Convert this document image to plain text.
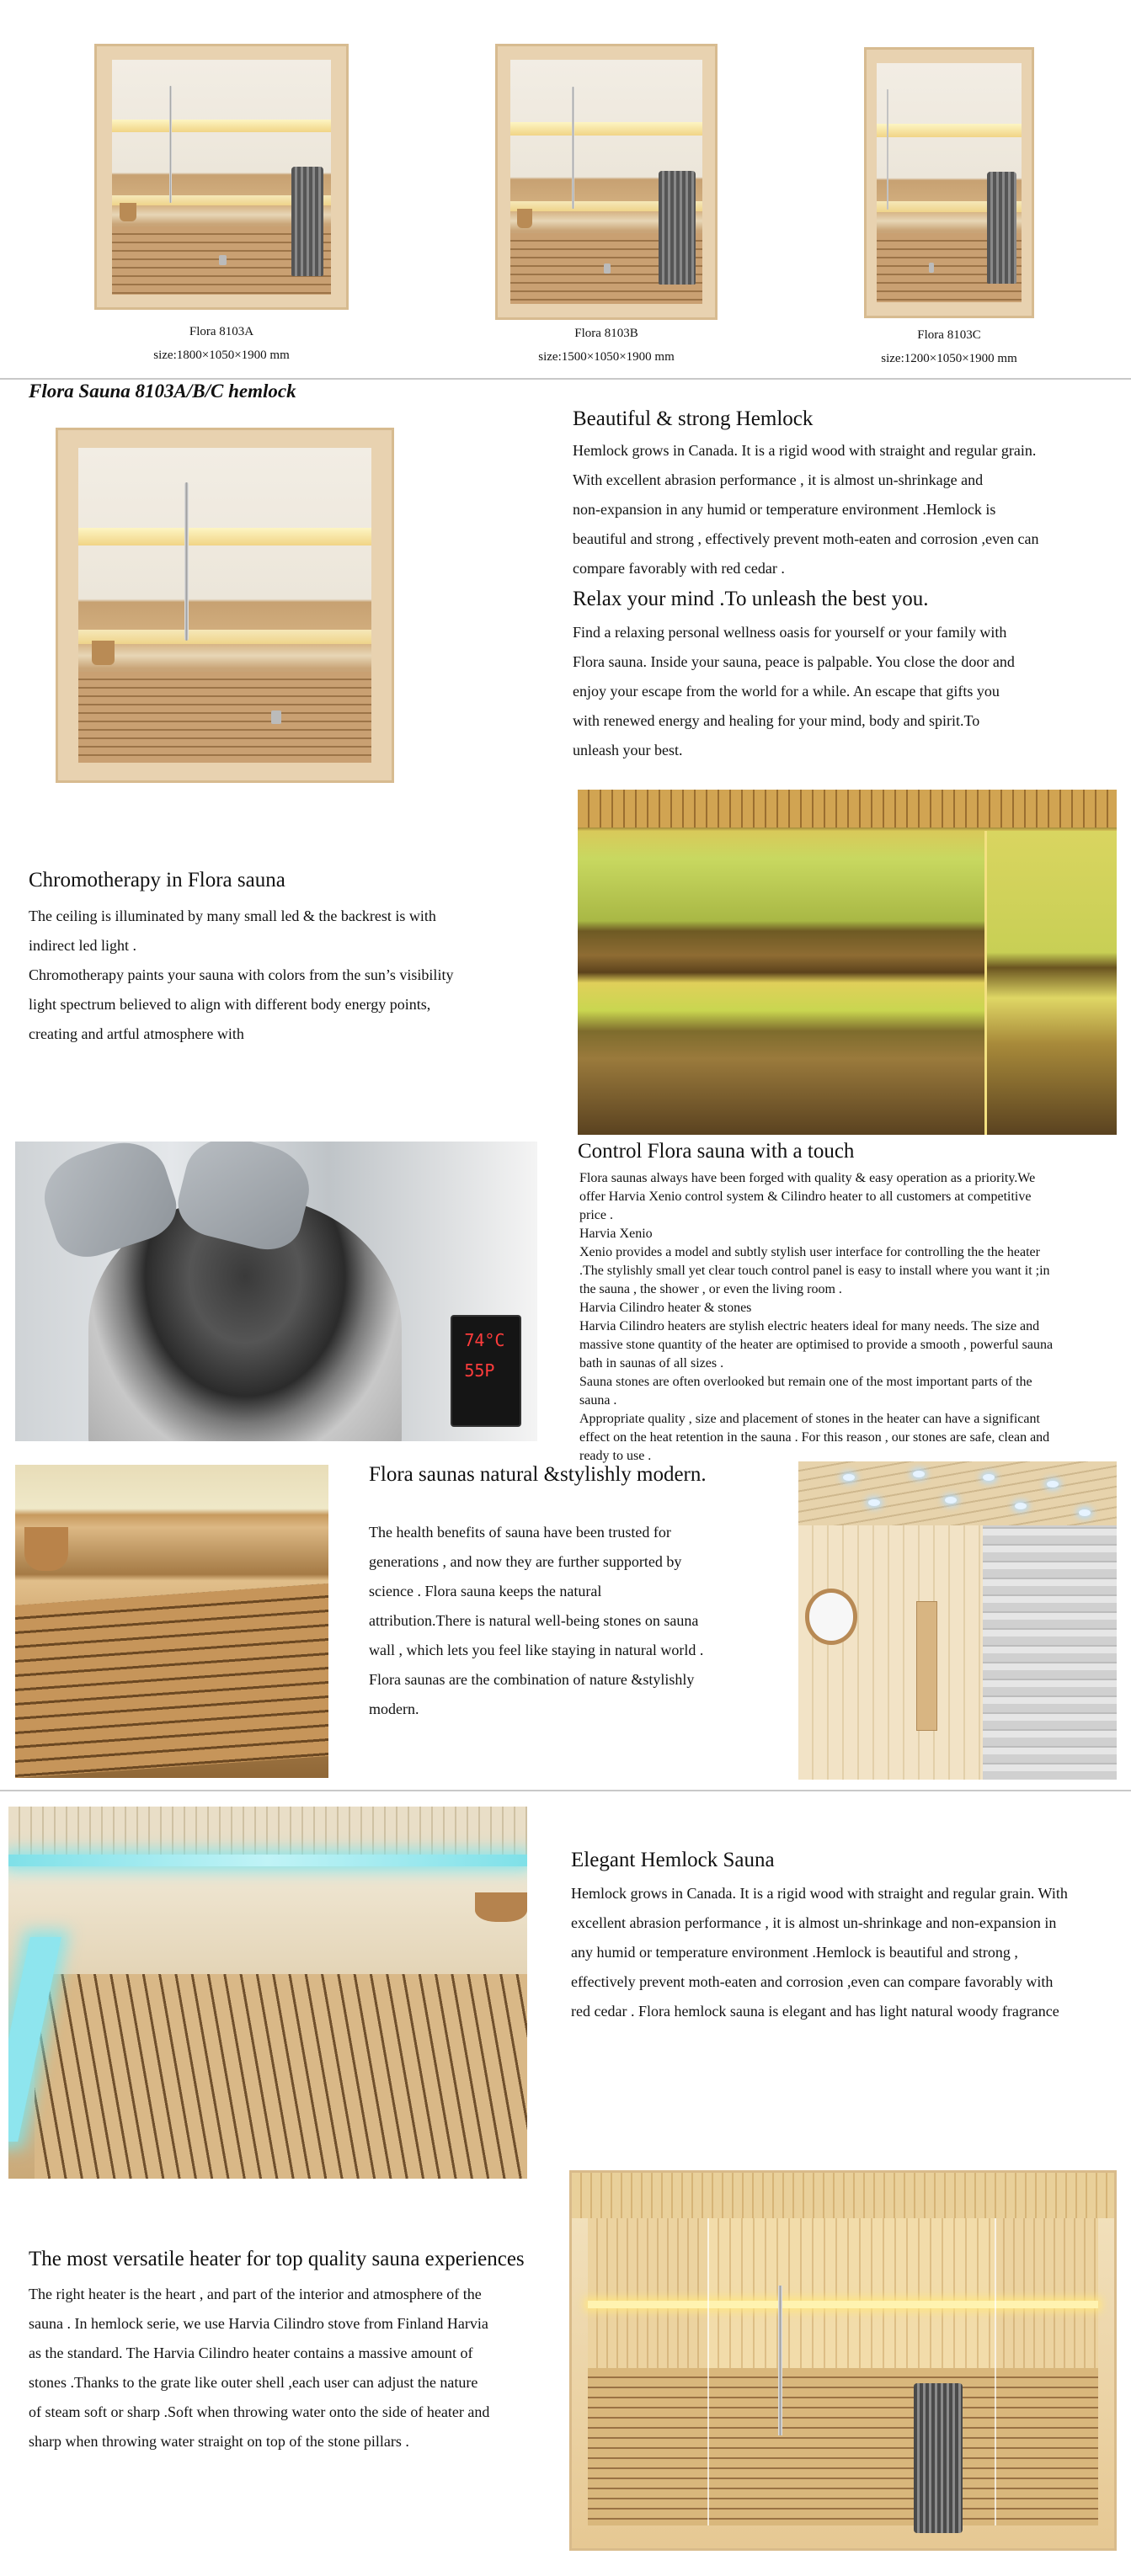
Flora 8103A
size:1800×1050×1900 mm
Flora 8103B
size:1500×1050×1900 mm
Flora 8103C
size:1200×1050×1900 mm
Flora Sauna 8103A/B/C hemlock
Beautiful & strong Hemlock

Hemlock grows in Canada. It is a rigid wood with straight and regular grain.

With excellent abrasion performance , it is almost un-shrinkage and

non-expansion in any humid or temperature environment .Hemlock is

beautiful and strong , effectively prevent moth-eaten and corrosion ,even can

compare favorably with red cedar .

Relax your mind .To unleash the best you.

Find a relaxing personal wellness oasis for yourself or your family with

Flora sauna. Inside your sauna, peace is palpable. You close the door and

enjoy your escape from the world for a while. An escape that gifts you

with renewed energy and healing for your mind, body and spirit.To

unleash your best.

Chromotherapy in Flora sauna

The ceiling is illuminated by many small led & the backrest is with

indirect led light .

Chromotherapy paints your sauna with colors from the sun’s visibility

light spectrum believed to align with different body energy points,

creating and artful atmosphere with

74°C
55P
Control Flora sauna with a touch

Flora saunas always have been forged with quality & easy operation as a priority.We

offer Harvia Xenio control system & Cilindro heater to all customers at competitive

price .

Harvia Xenio

Xenio provides a model and subtly stylish user interface for controlling the the heater

.The stylishly small yet clear touch control panel is easy to install where you want it ;in

the sauna , the shower , or even the living room .

Harvia Cilindro heater & stones

Harvia Cilindro heaters are stylish electric heaters ideal for many needs. The size and

massive stone quantity of the heater are optimised to provide a smooth , powerful sauna

bath in saunas of all sizes .

Sauna stones are often overlooked but remain one of the most important parts of the

sauna .

Appropriate quality , size and placement of stones in the heater can have a significant

effect on the heat retention in the sauna . For this reason , our stones are safe, clean and

ready to use .

Flora saunas natural &stylishly modern.

The health benefits of sauna have been trusted for

generations , and now they are further supported by

science . Flora sauna keeps the natural

attribution.There is natural well-being stones on sauna

wall , which lets you feel like staying in natural world .

Flora saunas are the combination of nature &stylishly

modern.

Elegant Hemlock Sauna

Hemlock grows in Canada. It is a rigid wood with straight and regular grain. With

excellent abrasion performance , it is almost un-shrinkage and non-expansion in

any humid or temperature environment .Hemlock is beautiful and strong ,

effectively prevent moth-eaten and corrosion ,even can compare favorably with

red cedar . Flora hemlock sauna is elegant and has light natural woody fragrance

The most versatile heater for top quality sauna experiences

The right heater is the heart , and part of the interior and atmosphere of the

sauna . In hemlock serie, we use Harvia Cilindro stove from Finland Harvia

as the standard. The Harvia Cilindro heater contains a massive amount of

stones .Thanks to the grate like outer shell ,each user can adjust the nature

of steam soft or sharp .Soft when throwing water onto the side of heater and

sharp when throwing water straight on top of the stone pillars .
